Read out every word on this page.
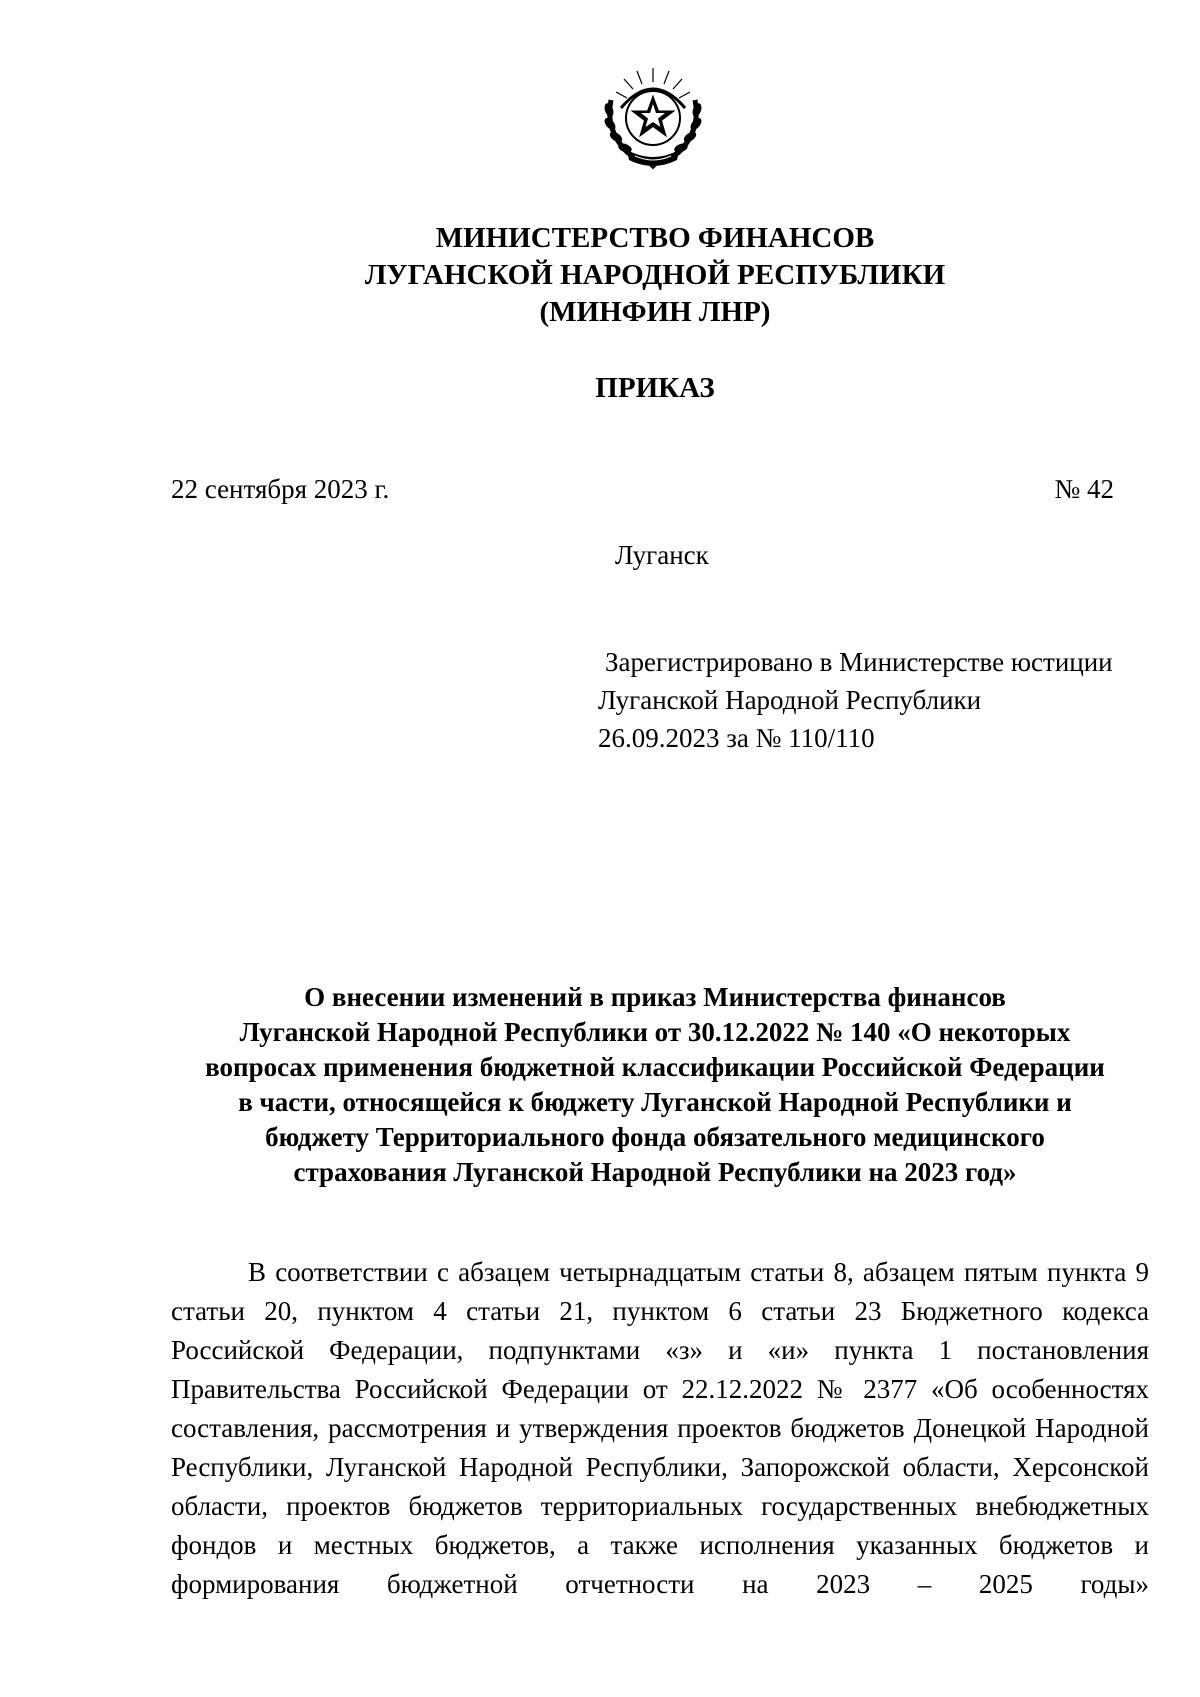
МИНИСТЕРСТВО ФИНАНСОВ
ЛУГАНСКОЙ НАРОДНОЙ РЕСПУБЛИКИ
(МИНФИН ЛНР)
ПРИКАЗ
22 сентября 2023 г.	№ 42
Луганск
Зарегистрировано в Министерстве юстиции
Луганской Народной Республики
26.09.2023 за № 110/110
О внесении изменений в приказ Министерства финансов
Луганской Народной Республики от 30.12.2022 № 140 «О некоторых
вопросах применения бюджетной классификации Российской Федерации
в части, относящейся к бюджету Луганской Народной Республики и
бюджету Территориального фонда обязательного медицинского
страхования Луганской Народной Республики на 2023 год»

В соответствии с абзацем четырнадцатым статьи 8, абзацем пятым пункта 9 статьи 20, пунктом 4 статьи 21, пунктом 6 статьи 23 Бюджетного кодекса Российской Федерации, подпунктами «з» и «и» пункта 1 постановления Правительства Российской Федерации от 22.12.2022 № 2377 «Об особенностях составления, рассмотрения и утверждения проектов бюджетов Донецкой Народной Республики, Луганской Народной Республики, Запорожской области, Херсонской области, проектов бюджетов территориальных государственных внебюджетных фондов и местных бюджетов, а также исполнения указанных бюджетов и формирования бюджетной отчетности на 2023 – 2025 годы»
